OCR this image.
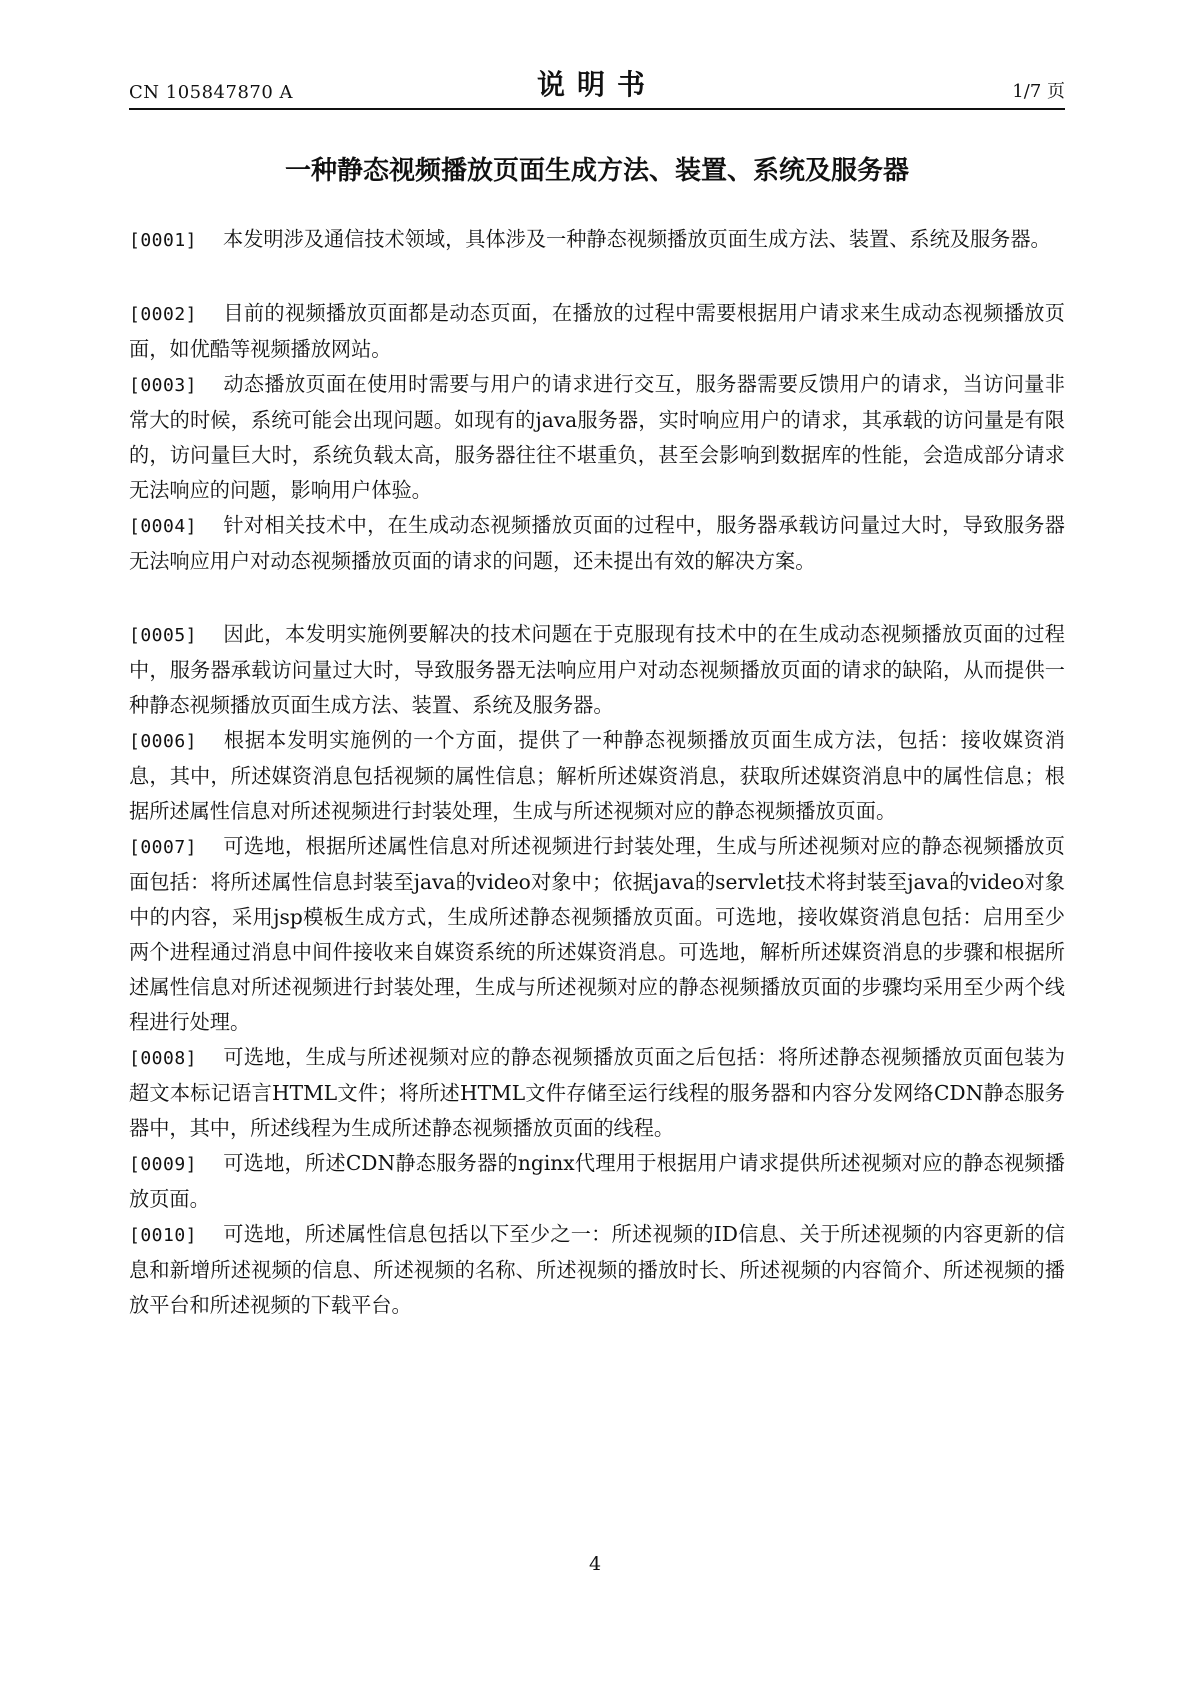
CN 105847870 A	说明书	1/7 页
一种静态视频播放页面生成方法、装置、系统及服务器

[0001] 本发明涉及通信技术领域，具体涉及一种静态视频播放页面生成方法、装置、系统及服务器。

[0002] 目前的视频播放页面都是动态页面，在播放的过程中需要根据用户请求来生成动态视频播放页面，如优酷等视频播放网站。

[0003] 动态播放页面在使用时需要与用户的请求进行交互，服务器需要反馈用户的请求，当访问量非常大的时候，系统可能会出现问题。如现有的java服务器，实时响应用户的请求，其承载的访问量是有限的，访问量巨大时，系统负载太高，服务器往往不堪重负，甚至会影响到数据库的性能，会造成部分请求无法响应的问题，影响用户体验。

[0004] 针对相关技术中，在生成动态视频播放页面的过程中，服务器承载访问量过大时，导致服务器无法响应用户对动态视频播放页面的请求的问题，还未提出有效的解决方案。

[0005] 因此，本发明实施例要解决的技术问题在于克服现有技术中的在生成动态视频播放页面的过程中，服务器承载访问量过大时，导致服务器无法响应用户对动态视频播放页面的请求的缺陷，从而提供一种静态视频播放页面生成方法、装置、系统及服务器。

[0006] 根据本发明实施例的一个方面，提供了一种静态视频播放页面生成方法，包括：接收媒资消息，其中，所述媒资消息包括视频的属性信息；解析所述媒资消息，获取所述媒资消息中的属性信息；根据所述属性信息对所述视频进行封装处理，生成与所述视频对应的静态视频播放页面。

[0007] 可选地，根据所述属性信息对所述视频进行封装处理，生成与所述视频对应的静态视频播放页面包括：将所述属性信息封装至java的video对象中；依据java的servlet技术将封装至java的video对象中的内容，采用jsp模板生成方式，生成所述静态视频播放页面。可选地，接收媒资消息包括：启用至少两个进程通过消息中间件接收来自媒资系统的所述媒资消息。可选地，解析所述媒资消息的步骤和根据所述属性信息对所述视频进行封装处理，生成与所述视频对应的静态视频播放页面的步骤均采用至少两个线程进行处理。

[0008] 可选地，生成与所述视频对应的静态视频播放页面之后包括：将所述静态视频播放页面包装为超文本标记语言HTML文件；将所述HTML文件存储至运行线程的服务器和内容分发网络CDN静态服务器中，其中，所述线程为生成所述静态视频播放页面的线程。

[0009] 可选地，所述CDN静态服务器的nginx代理用于根据用户请求提供所述视频对应的静态视频播放页面。

[0010] 可选地，所述属性信息包括以下至少之一：所述视频的ID信息、关于所述视频的内容更新的信息和新增所述视频的信息、所述视频的名称、所述视频的播放时长、所述视频的内容简介、所述视频的播放平台和所述视频的下载平台。

4
